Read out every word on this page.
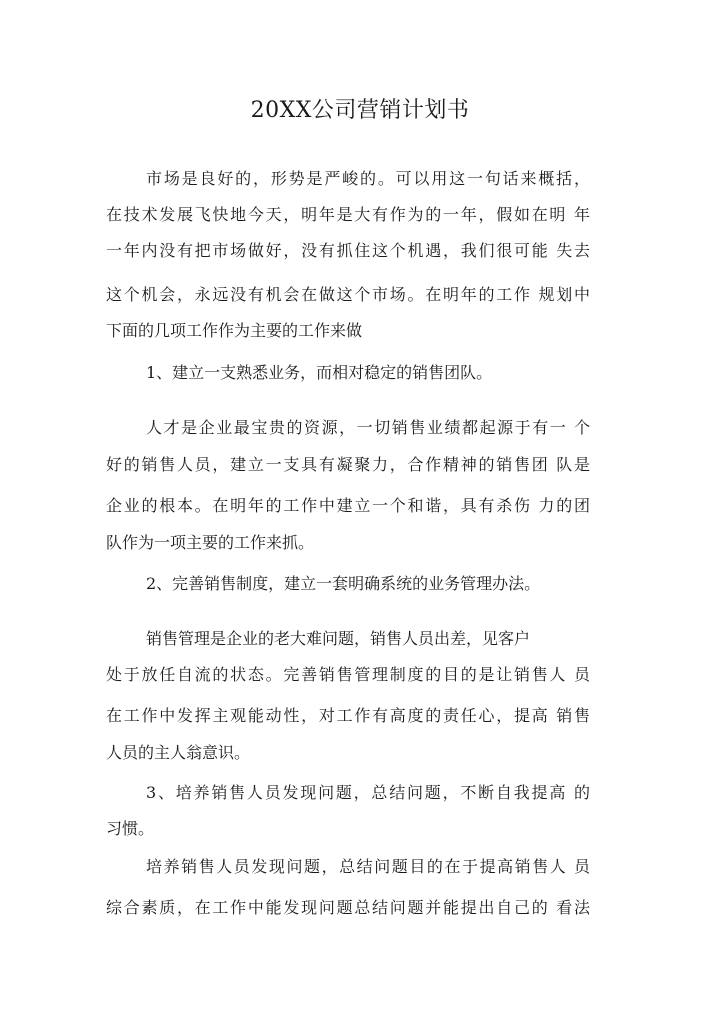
20XX公司营销计划书
市场是良好的，形势是严峻的。可以用这一句话来概括，
在技术发展飞快地今天，明年是大有作为的一年，假如在明 年
一年内没有把市场做好，没有抓住这个机遇，我们很可能 失去
这个机会，永远没有机会在做这个市场。在明年的工作 规划中
下面的几项工作作为主要的工作来做
1、建立一支熟悉业务，而相对稳定的销售团队。
人才是企业最宝贵的资源，一切销售业绩都起源于有一 个
好的销售人员，建立一支具有凝聚力，合作精神的销售团 队是
企业的根本。在明年的工作中建立一个和谐，具有杀伤 力的团
队作为一项主要的工作来抓。
2、完善销售制度，建立一套明确系统的业务管理办法。
销售管理是企业的老大难问题，销售人员出差，见客户
处于放任自流的状态。完善销售管理制度的目的是让销售人 员
在工作中发挥主观能动性，对工作有高度的责任心，提高 销售
人员的主人翁意识。
3、培养销售人员发现问题，总结问题，不断自我提高 的
习惯。
培养销售人员发现问题，总结问题目的在于提高销售人 员
综合素质，在工作中能发现问题总结问题并能提出自己的 看法
